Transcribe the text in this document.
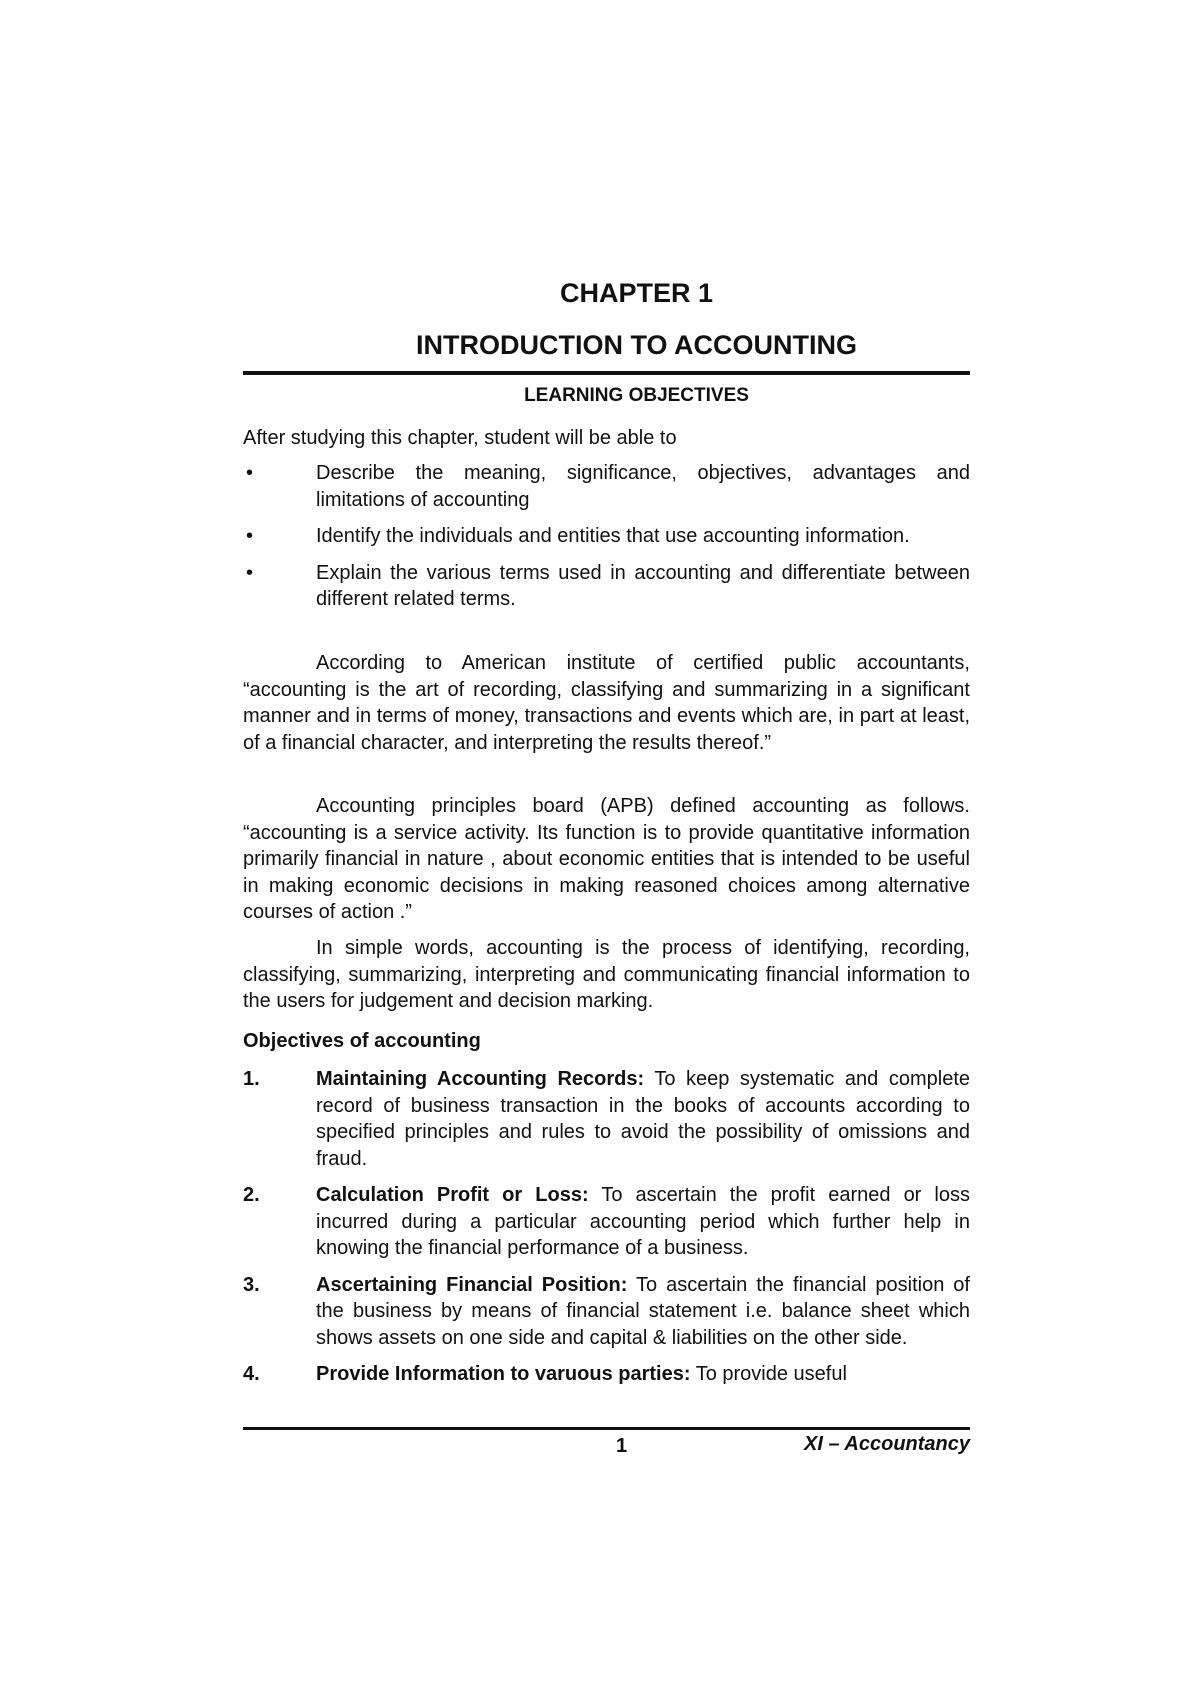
CHAPTER 1
INTRODUCTION TO ACCOUNTING
LEARNING OBJECTIVES
After studying this chapter, student will be able to
•	Describe the meaning, significance, objectives, advantages and limitations of accounting
•	Identify the individuals and entities that use accounting information.
•	Explain the various terms used in accounting and differentiate between different related terms.

According to American institute of certified public accountants, “accounting is the art of recording, classifying and summarizing in a significant manner and in terms of money, transactions and events which are, in part at least, of a financial character, and interpreting the results thereof.”

Accounting principles board (APB) defined accounting as follows. “accounting is a service activity. Its function is to provide quantitative information primarily financial in nature , about economic entities that is intended to be useful in making economic decisions in making reasoned choices among alternative courses of action .”

In simple words, accounting is the process of identifying, recording, classifying, summarizing, interpreting and communicating financial information to the users for judgement and decision marking.

Objectives of accounting
1.	Maintaining Accounting Records: To keep systematic and complete record of business transaction in the books of accounts according to specified principles and rules to avoid the possibility of omissions and fraud.
2.	Calculation Profit or Loss: To ascertain the profit earned or loss incurred during a particular accounting period which further help in knowing the financial performance of a business.
3.	Ascertaining Financial Position: To ascertain the financial position of the business by means of financial statement i.e. balance sheet which shows assets on one side and capital & liabilities on the other side.
4.	Provide Information to varuous parties: To provide useful
1	XI – Accountancy
